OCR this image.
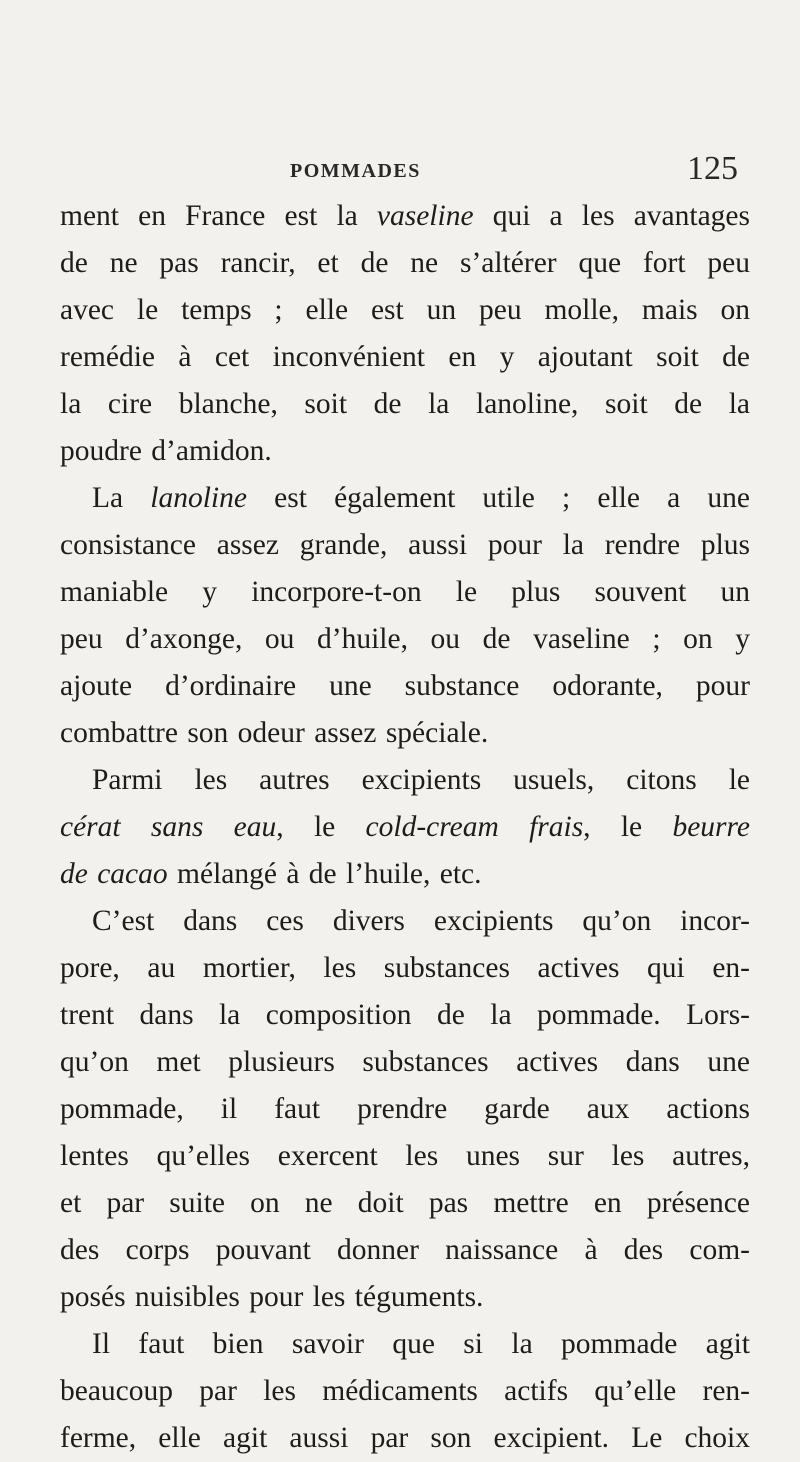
POMMADES	125
ment en France est la vaseline qui a les avantages
de ne pas rancir, et de ne s’altérer que fort peu
avec le temps ; elle est un peu molle, mais on
remédie à cet inconvénient en y ajoutant soit de
la cire blanche, soit de la lanoline, soit de la
poudre d’amidon.
La lanoline est également utile ; elle a une
consistance assez grande, aussi pour la rendre plus
maniable y incorpore-t-on le plus souvent un
peu d’axonge, ou d’huile, ou de vaseline ; on y
ajoute d’ordinaire une substance odorante, pour
combattre son odeur assez spéciale.
Parmi les autres excipients usuels, citons le
cérat sans eau, le cold-cream frais, le beurre
de cacao mélangé à de l’huile, etc.
C’est dans ces divers excipients qu’on incor-
pore, au mortier, les substances actives qui en-
trent dans la composition de la pommade. Lors-
qu’on met plusieurs substances actives dans une
pommade, il faut prendre garde aux actions
lentes qu’elles exercent les unes sur les autres,
et par suite on ne doit pas mettre en présence
des corps pouvant donner naissance à des com-
posés nuisibles pour les téguments.
Il faut bien savoir que si la pommade agit
beaucoup par les médicaments actifs qu’elle ren-
ferme, elle agit aussi par son excipient. Le choix
